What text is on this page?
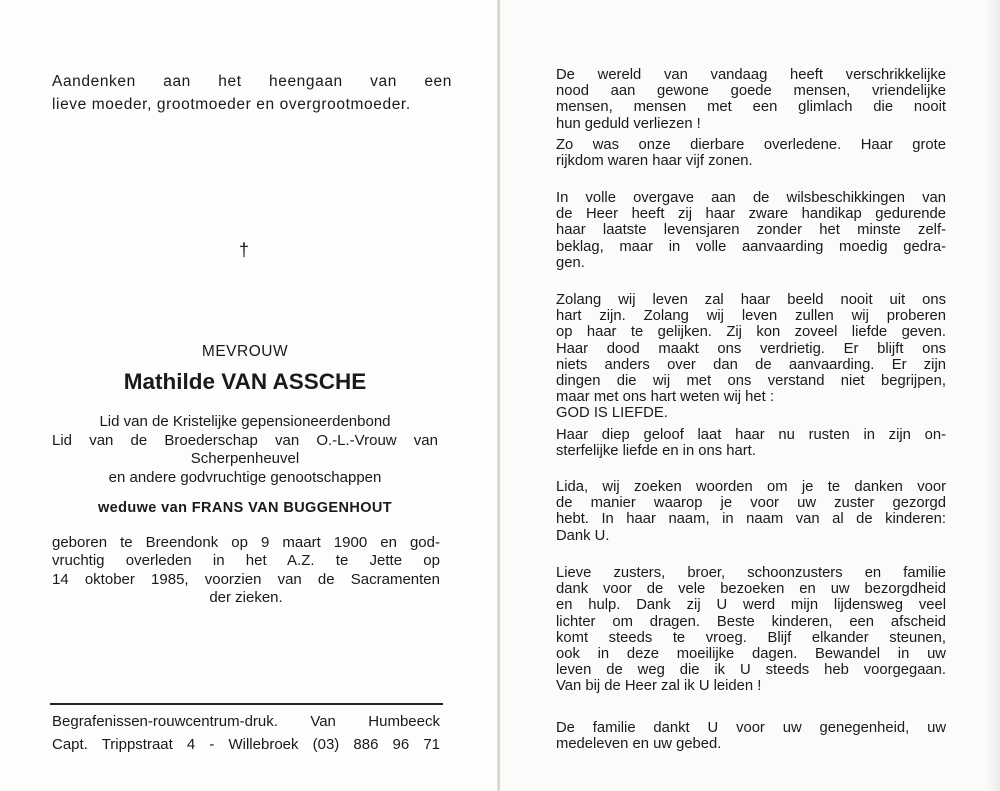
Aandenken aan het heengaan van een
lieve moeder, grootmoeder en overgrootmoeder.
†
MEVROUW
Mathilde VAN ASSCHE
Lid van de Kristelijke gepensioneerdenbond
Lid van de Broederschap van O.-L.-Vrouw van
Scherpenheuvel
en andere godvruchtige genootschappen
weduwe van FRANS VAN BUGGENHOUT
geboren te Breendonk op 9 maart 1900 en god-
vruchtig overleden in het A.Z. te Jette op
14 oktober 1985, voorzien van de Sacramenten
der zieken.
Begrafenissen-rouwcentrum-druk. Van Humbeeck
Capt. Trippstraat 4 - Willebroek (03) 886 96 71
De wereld van vandaag heeft verschrikkelijke
nood aan gewone goede mensen, vriendelijke
mensen, mensen met een glimlach die nooit
hun geduld verliezen !
Zo was onze dierbare overledene. Haar grote
rijkdom waren haar vijf zonen.
In volle overgave aan de wilsbeschikkingen van
de Heer heeft zij haar zware handikap gedurende
haar laatste levensjaren zonder het minste zelf-
beklag, maar in volle aanvaarding moedig gedra-
gen.
Zolang wij leven zal haar beeld nooit uit ons
hart zijn. Zolang wij leven zullen wij proberen
op haar te gelijken. Zij kon zoveel liefde geven.
Haar dood maakt ons verdrietig. Er blijft ons
niets anders over dan de aanvaarding. Er zijn
dingen die wij met ons verstand niet begrijpen,
maar met ons hart weten wij het :
GOD IS LIEFDE.
Haar diep geloof laat haar nu rusten in zijn on-
sterfelijke liefde en in ons hart.
Lida, wij zoeken woorden om je te danken voor
de manier waarop je voor uw zuster gezorgd
hebt. In haar naam, in naam van al de kinderen:
Dank U.
Lieve zusters, broer, schoonzusters en familie
dank voor de vele bezoeken en uw bezorgdheid
en hulp. Dank zij U werd mijn lijdensweg veel
lichter om dragen. Beste kinderen, een afscheid
komt steeds te vroeg. Blijf elkander steunen,
ook in deze moeilijke dagen. Bewandel in uw
leven de weg die ik U steeds heb voorgegaan.
Van bij de Heer zal ik U leiden !
De familie dankt U voor uw genegenheid, uw
medeleven en uw gebed.
